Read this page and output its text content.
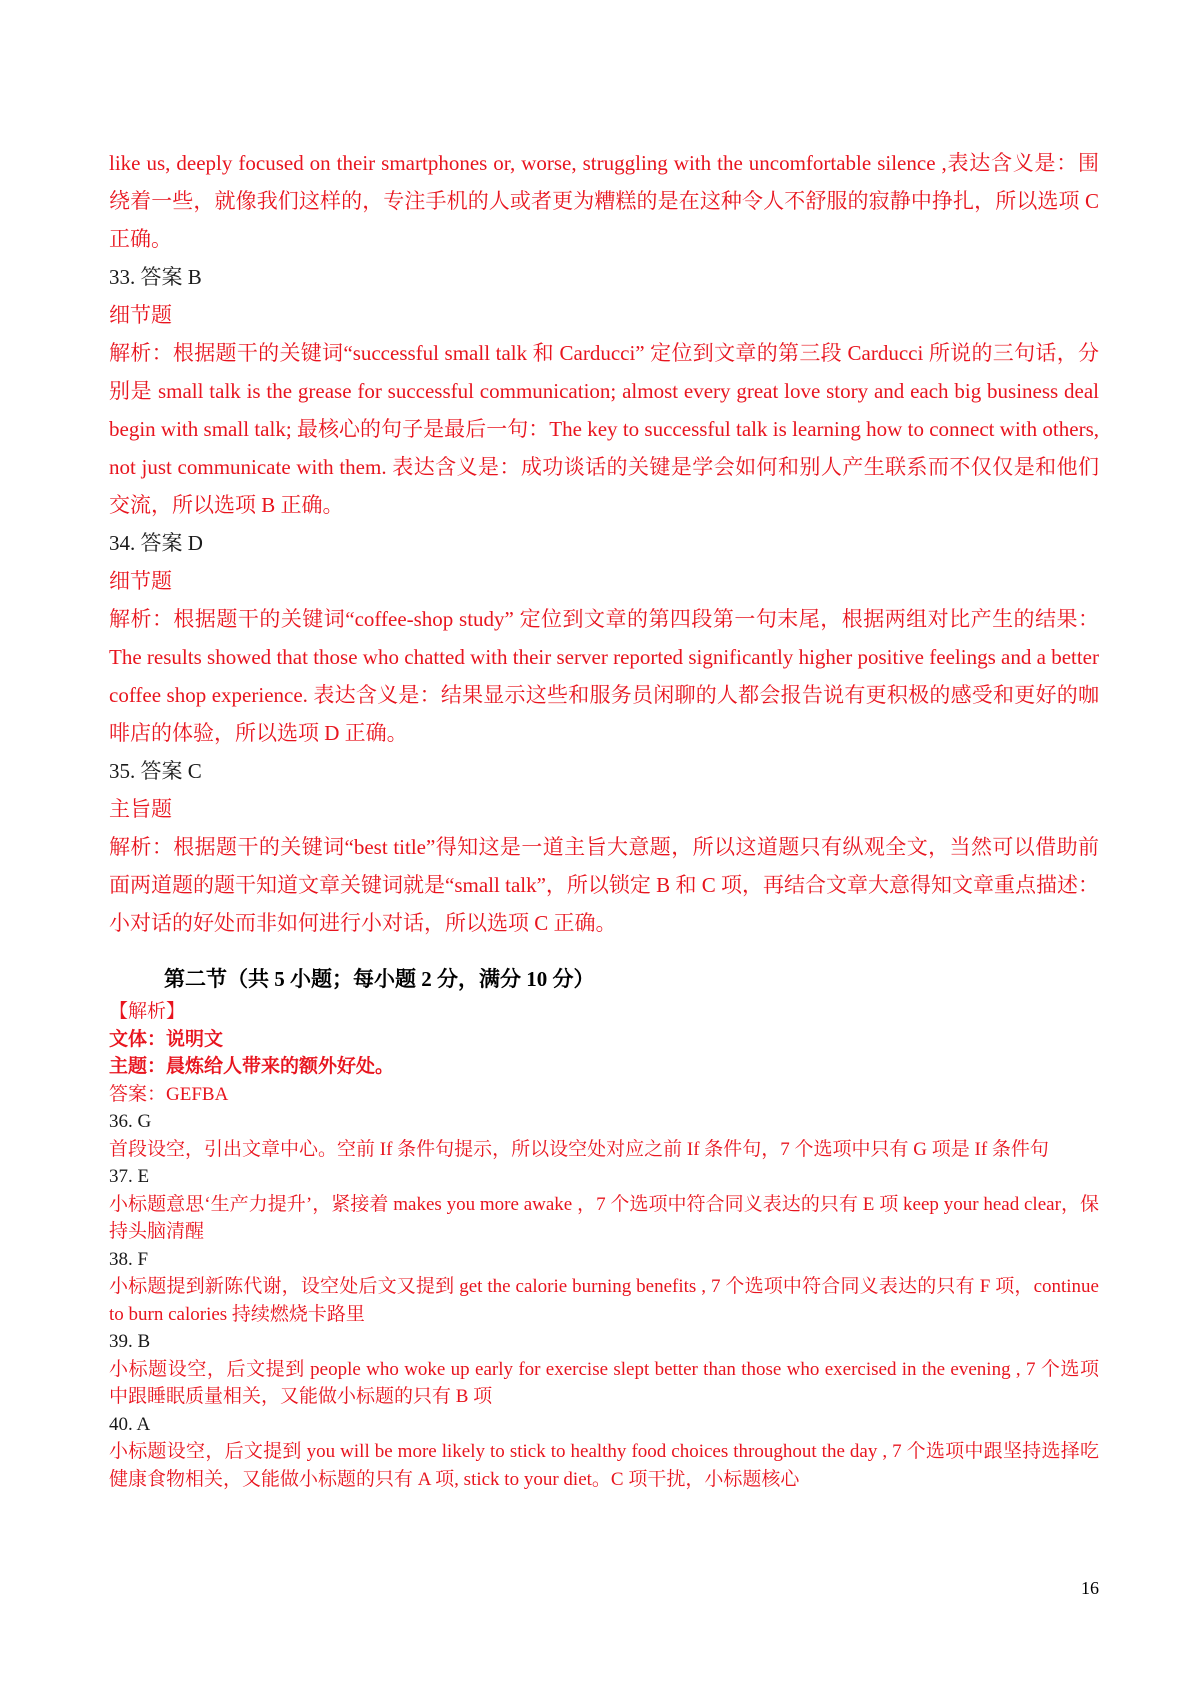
like us, deeply focused on their smartphones or, worse, struggling with the uncomfortable silence ,表达含义是：围绕着一些，就像我们这样的，专注手机的人或者更为糟糕的是在这种令人不舒服的寂静中挣扎，所以选项 C 正确。

33. 答案 B

细节题

解析：根据题干的关键词“successful small talk 和 Carducci” 定位到文章的第三段 Carducci 所说的三句话，分别是 small talk is the grease for successful communication; almost every great love story and each big business deal begin with small talk; 最核心的句子是最后一句：The key to successful talk is learning how to connect with others, not just communicate with them. 表达含义是：成功谈话的关键是学会如何和别人产生联系而不仅仅是和他们交流，所以选项 B 正确。

34. 答案 D

细节题

解析：根据题干的关键词“coffee-shop study” 定位到文章的第四段第一句末尾，根据两组对比产生的结果：The results showed that those who chatted with their server reported significantly higher positive feelings and a better coffee shop experience. 表达含义是：结果显示这些和服务员闲聊的人都会报告说有更积极的感受和更好的咖啡店的体验，所以选项 D 正确。

35. 答案 C

主旨题

解析：根据题干的关键词“best title”得知这是一道主旨大意题，所以这道题只有纵观全文，当然可以借助前面两道题的题干知道文章关键词就是“small talk”，所以锁定 B 和 C 项，再结合文章大意得知文章重点描述：小对话的好处而非如何进行小对话，所以选项 C 正确。

第二节（共 5 小题；每小题 2 分，满分 10 分）

【解析】

文体：说明文

主题：晨炼给人带来的额外好处。

答案：GEFBA

36. G

首段设空，引出文章中心。空前 If 条件句提示，所以设空处对应之前 If 条件句，7 个选项中只有 G 项是 If 条件句

37. E

小标题意思‘生产力提升’，紧接着 makes you more awake ，7 个选项中符合同义表达的只有 E 项 keep your head clear，保持头脑清醒

38. F

小标题提到新陈代谢，设空处后文又提到 get the calorie burning benefits , 7 个选项中符合同义表达的只有 F 项，continue to burn calories 持续燃烧卡路里

39. B

小标题设空，后文提到 people who woke up early for exercise slept better than those who exercised in the evening , 7 个选项中跟睡眠质量相关，又能做小标题的只有 B 项

40. A

小标题设空，后文提到 you will be more likely to stick to healthy food choices throughout the day , 7 个选项中跟坚持选择吃健康食物相关，又能做小标题的只有 A 项, stick to your diet。C 项干扰，小标题核心

16
